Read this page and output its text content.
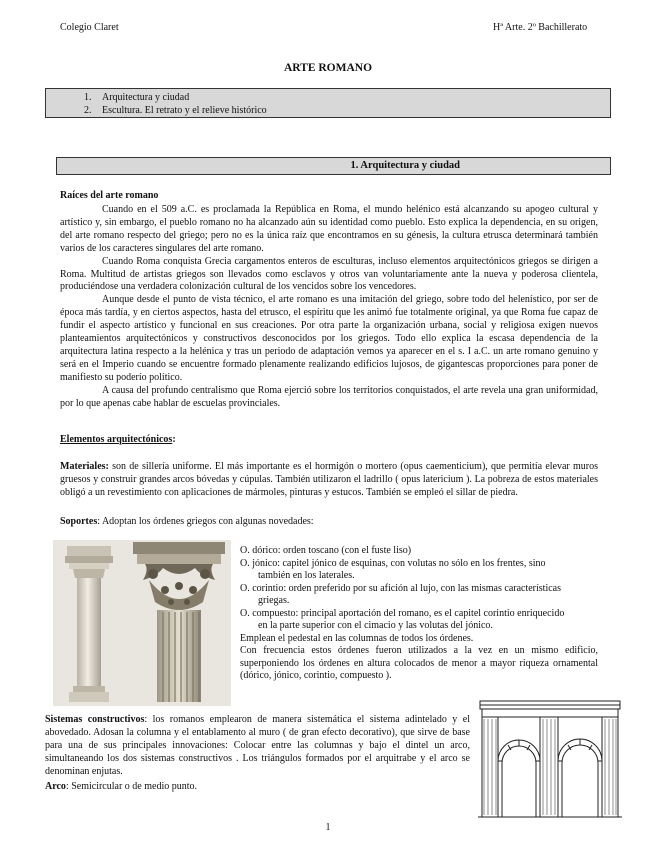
Colegio Claret	Hª Arte. 2º Bachillerato
ARTE ROMANO
1. Arquitectura y ciudad
2. Escultura. El retrato y el relieve histórico
1. Arquitectura y ciudad
Raíces del arte romano
Cuando en el 509 a.C. es proclamada la República en Roma, el mundo helénico está alcanzando su apogeo cultural y artístico y, sin embargo, el pueblo romano no ha alcanzado aún su identidad como pueblo. Esto explica la dependencia, en su origen, del arte romano respecto del griego; pero no es la única raíz que encontramos en su génesis, la cultura etrusca determinará también varios de los caracteres singulares del arte romano.
Cuando Roma conquista Grecia cargamentos enteros de esculturas, incluso elementos arquitectónicos griegos se dirigen a Roma. Multitud de artistas griegos son llevados como esclavos y otros van voluntariamente ante la nueva y poderosa clientela, produciéndose una verdadera colonización cultural de los vencidos sobre los vencedores.
Aunque desde el punto de vista técnico, el arte romano es una imitación del griego, sobre todo del helenístico, por ser de época más tardía, y en ciertos aspectos, hasta del etrusco, el espíritu que les animó fue totalmente original, ya que Roma fue capaz de fundir el aspecto artístico y funcional en sus creaciones. Por otra parte la organización urbana, social y religiosa exigen nuevos planteamientos arquitectónicos y constructivos desconocidos por los griegos. Todo ello explica la escasa dependencia de la arquitectura latina respecto a la helénica y tras un periodo de adaptación vemos ya aparecer en el s. I a.C. un arte romano genuino y será en el Imperio cuando se encuentre formado plenamente realizando edificios lujosos, de gigantescas proporciones para poner de manifiesto su poderío político.
A causa del profundo centralismo que Roma ejerció sobre los territorios conquistados, el arte revela una gran uniformidad, por lo que apenas cabe hablar de escuelas provinciales.
Elementos arquitectónicos:
Materiales: son de sillería uniforme. El más importante es el hormigón o mortero (opus caementicium), que permitía elevar muros gruesos y construir grandes arcos bóvedas y cúpulas. También utilizaron el ladrillo ( opus latericium ). La pobreza de estos materiales obligó a un revestimiento con aplicaciones de mármoles, pinturas y estucos. También se empleó el sillar de piedra.
Soportes: Adoptan los órdenes griegos con algunas novedades:
O. dórico: orden toscano (con el fuste liso)
O. jónico: capitel jónico de esquinas, con volutas no sólo en los frentes, sino
también en los laterales.
O. corintio: orden preferido por su afición al lujo, con las mismas características
griegas.
O. compuesto: principal aportación del romano, es el capitel corintio enriquecido
en la parte superior con el cimacio y las volutas del jónico.
Emplean el pedestal en las columnas de todos los órdenes.
Con frecuencia estos órdenes fueron utilizados a la vez en un mismo edificio, superponiendo los órdenes en altura colocados de menor a mayor riqueza ornamental (dórico, jónico, corintio, compuesto ).
Sistemas constructivos: los romanos emplearon de manera sistemática el sistema adintelado y el abovedado. Adosan la columna y el entablamento al muro ( de gran efecto decorativo), que sirve de base para una de sus principales innovaciones: Colocar entre las columnas y bajo el dintel un arco, simultaneando los dos sistemas constructivos . Los triángulos formados por el arquitrabe y el arco se denominan enjutas.
Arco: Semicircular o de medio punto.
1
